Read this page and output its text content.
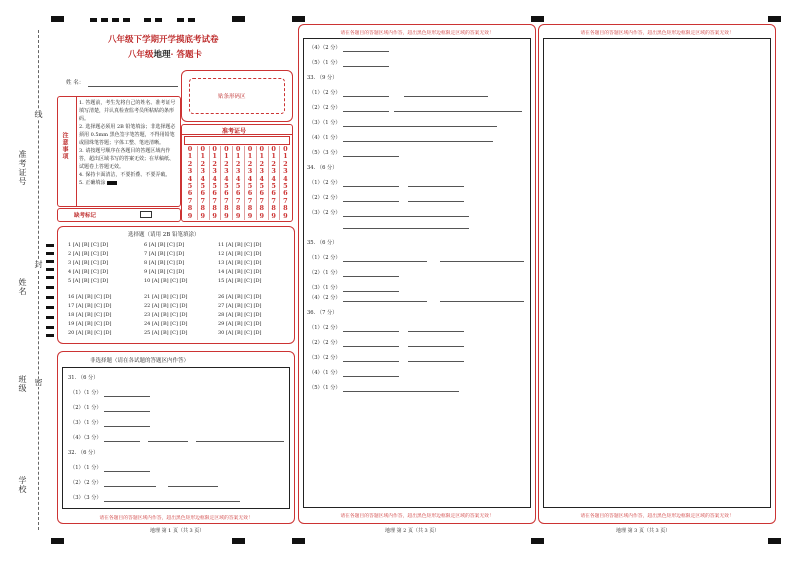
准考证号
姓名
班级
学校
线
封
密
八年级下学期开学摸底考试卷
八年级地理· 答题卡
姓 名：
贴条形码区
注意事项
1. 答题前，考生先将自己的姓名、准考证号填写清楚，并认真检查监考员所粘贴的条形码。
2. 选择题必须用 2B 铅笔填涂；非选择题必须用 0.5mm 黑色签字笔答题，不得用铅笔或圆珠笔答题；字体工整、笔迹清晰。
3. 请按题号顺序在各题目的答题区域内作答，超出区域书写的答案无效；在草稿纸、试题卷上答题无效。
4. 保持卡面清洁，不要折叠、不要弄破。
5. 正确填涂
缺考标记
准考证号
0
1
2
3
4
5
6
7
8
9
0
1
2
3
4
5
6
7
8
9
0
1
2
3
4
5
6
7
8
9
0
1
2
3
4
5
6
7
8
9
0
1
2
3
4
5
6
7
8
9
0
1
2
3
4
5
6
7
8
9
0
1
2
3
4
5
6
7
8
9
0
1
2
3
4
5
6
7
8
9
0
1
2
3
4
5
6
7
8
9
选择题（请用 2B 铅笔填涂）
1 [A] [B] [C] [D]
2 [A] [B] [C] [D]
3 [A] [B] [C] [D]
4 [A] [B] [C] [D]
5 [A] [B] [C] [D]
6 [A] [B] [C] [D]
7 [A] [B] [C] [D]
8 [A] [B] [C] [D]
9 [A] [B] [C] [D]
10 [A] [B] [C] [D]
11 [A] [B] [C] [D]
12 [A] [B] [C] [D]
13 [A] [B] [C] [D]
14 [A] [B] [C] [D]
15 [A] [B] [C] [D]
16 [A] [B] [C] [D]
17 [A] [B] [C] [D]
18 [A] [B] [C] [D]
19 [A] [B] [C] [D]
20 [A] [B] [C] [D]
21 [A] [B] [C] [D]
22 [A] [B] [C] [D]
23 [A] [B] [C] [D]
24 [A] [B] [C] [D]
25 [A] [B] [C] [D]
26 [A] [B] [C] [D]
27 [A] [B] [C] [D]
28 [A] [B] [C] [D]
29 [A] [B] [C] [D]
30 [A] [B] [C] [D]
非选择题（请在各试题的答题区内作答）
31. （6 分）
（1）（1 分）
（2）（1 分）
（3）（1 分）
（4）（3 分）
32. （6 分）
（1）（1 分）
（2）（2 分）
（3）（3 分）
请在各题目的答题区域内作答，超出黑色矩形边框限定区域的答案无效！
地理 第 1 页（共 3 页）
请在各题目的答题区域内作答，超出黑色矩形边框限定区域的答案无效！
（4）（2 分）
（5）（1 分）
33. （9 分）
（1）（2 分）
（2）（2 分）
（3）（1 分）
（4）（1 分）
（5）（3 分）
34. （6 分）
（1）（2 分）
（2）（2 分）
（3）（2 分）
35. （6 分）
（1）（2 分）
（2）（1 分）
（3）（1 分）
（4）（2 分）
36. （7 分）
（1）（2 分）
（2）（2 分）
（3）（2 分）
（4）（1 分）
（5）（1 分）
请在各题目的答题区域内作答，超出黑色矩形边框限定区域的答案无效！
地理 第 2 页（共 3 页）
请在各题目的答题区域内作答，超出黑色矩形边框限定区域的答案无效！
请在各题目的答题区域内作答，超出黑色矩形边框限定区域的答案无效！
地理 第 3 页（共 3 页）
